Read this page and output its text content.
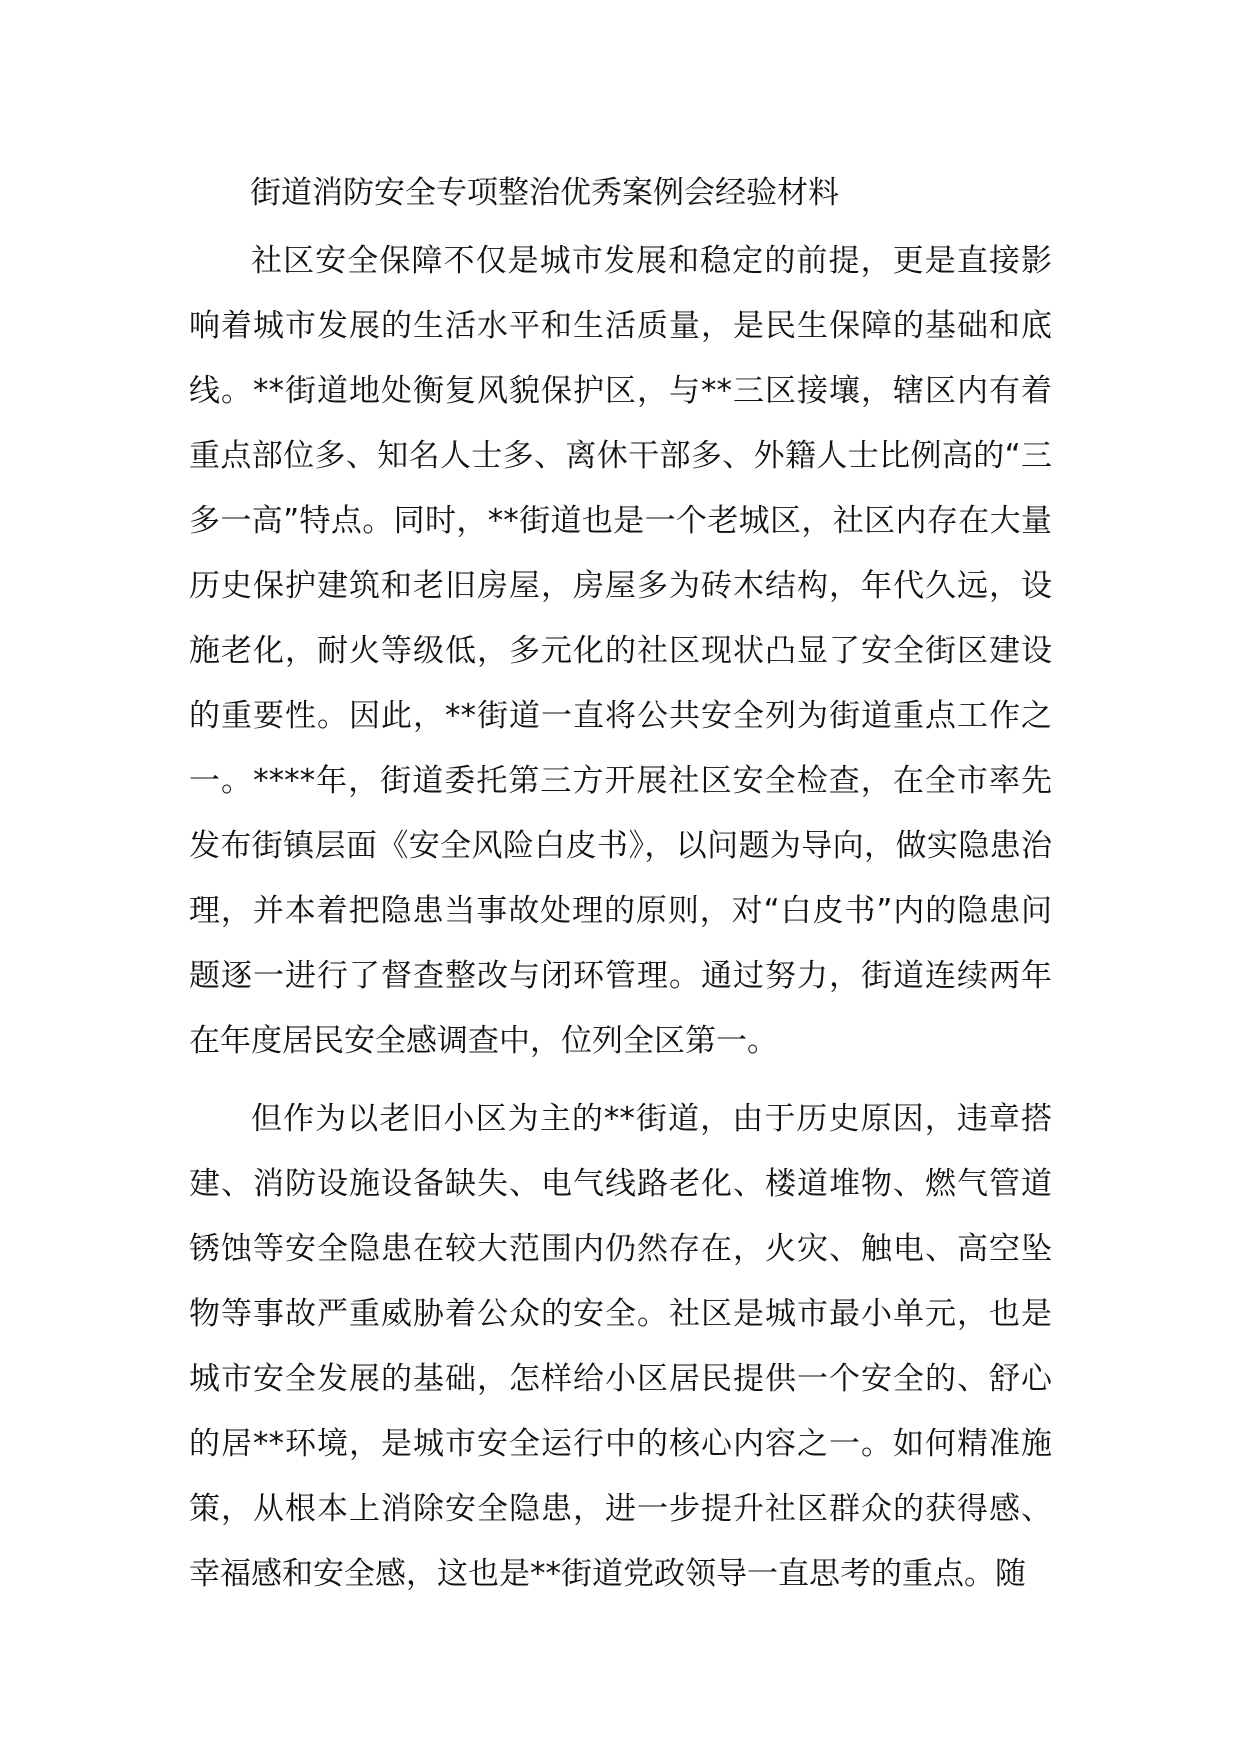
街道消防安全专项整治优秀案例会经验材料

社区安全保障不仅是城市发展和稳定的前提，更是直接影响着城市发展的生活水平和生活质量，是民生保障的基础和底线。**街道地处衡复风貌保护区，与**三区接壤，辖区内有着重点部位多、知名人士多、离休干部多、外籍人士比例高的“三多一高”特点。同时，**街道也是一个老城区，社区内存在大量历史保护建筑和老旧房屋，房屋多为砖木结构，年代久远，设施老化，耐火等级低，多元化的社区现状凸显了安全街区建设的重要性。因此，**街道一直将公共安全列为街道重点工作之一。****年，街道委托第三方开展社区安全检查，在全市率先发布街镇层面《安全风险白皮书》，以问题为导向，做实隐患治理，并本着把隐患当事故处理的原则，对“白皮书”内的隐患问题逐一进行了督查整改与闭环管理。通过努力，街道连续两年在年度居民安全感调查中，位列全区第一。

但作为以老旧小区为主的**街道，由于历史原因，违章搭建、消防设施设备缺失、电气线路老化、楼道堆物、燃气管道锈蚀等安全隐患在较大范围内仍然存在，火灾、触电、高空坠物等事故严重威胁着公众的安全。社区是城市最小单元，也是城市安全发展的基础，怎样给小区居民提供一个安全的、舒心的居**环境，是城市安全运行中的核心内容之一。如何精准施策，从根本上消除安全隐患，进一步提升社区群众的获得感、幸福感和安全感，这也是**街道党政领导一直思考的重点。随
